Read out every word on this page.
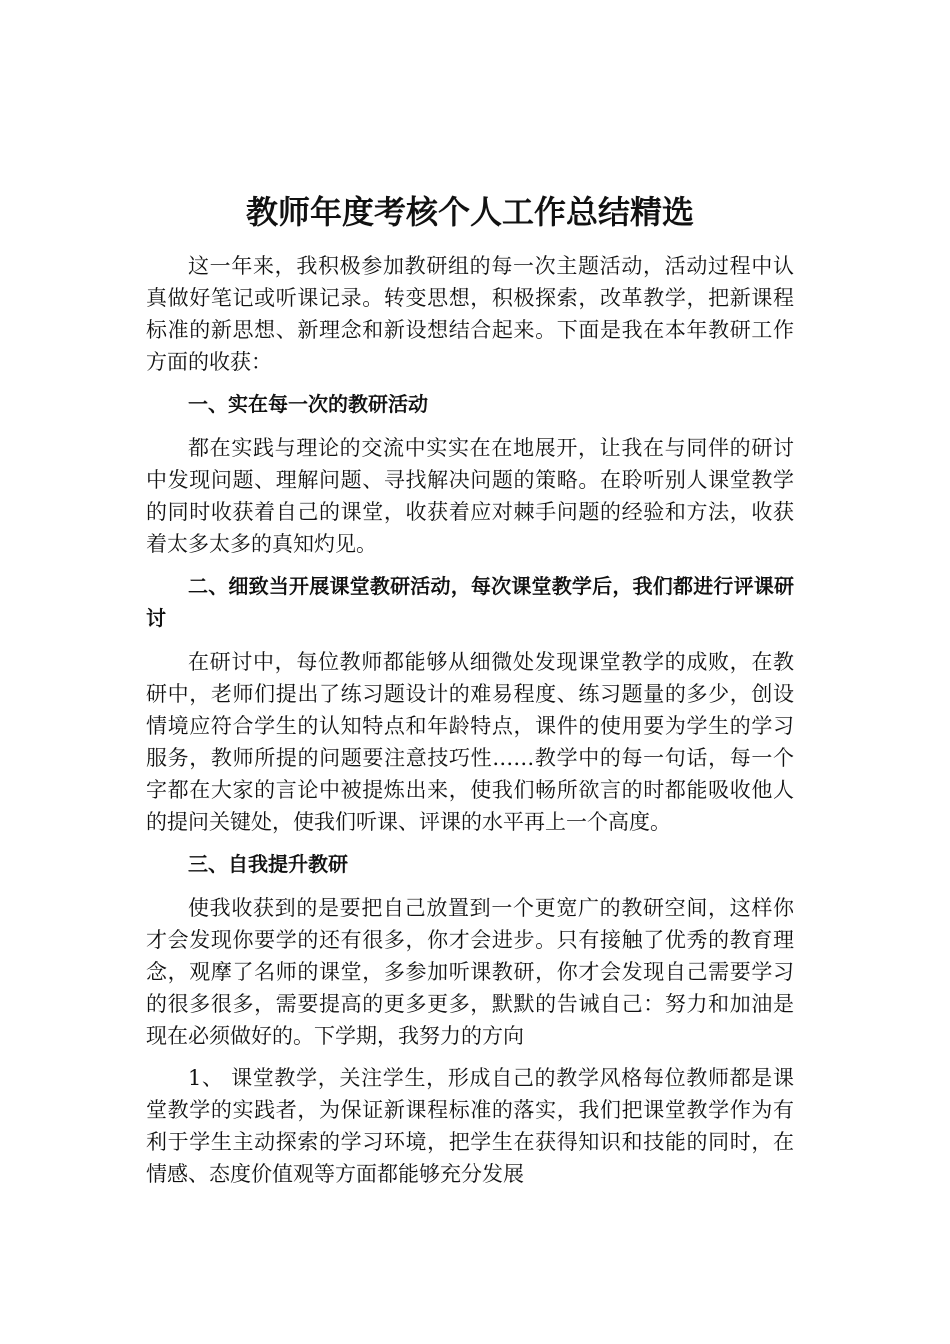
教师年度考核个人工作总结精选

这一年来，我积极参加教研组的每一次主题活动，活动过程中认真做好笔记或听课记录。转变思想，积极探索，改革教学，把新课程标准的新思想、新理念和新设想结合起来。下面是我在本年教研工作方面的收获：

一、实在每一次的教研活动

都在实践与理论的交流中实实在在地展开，让我在与同伴的研讨中发现问题、理解问题、寻找解决问题的策略。在聆听别人课堂教学的同时收获着自己的课堂，收获着应对棘手问题的经验和方法，收获着太多太多的真知灼见。

二、细致当开展课堂教研活动，每次课堂教学后，我们都进行评课研讨

在研讨中，每位教师都能够从细微处发现课堂教学的成败，在教研中，老师们提出了练习题设计的难易程度、练习题量的多少，创设情境应符合学生的认知特点和年龄特点，课件的使用要为学生的学习服务，教师所提的问题要注意技巧性……教学中的每一句话，每一个字都在大家的言论中被提炼出来，使我们畅所欲言的时都能吸收他人的提问关键处，使我们听课、评课的水平再上一个高度。

三、自我提升教研

使我收获到的是要把自己放置到一个更宽广的教研空间，这样你才会发现你要学的还有很多，你才会进步。只有接触了优秀的教育理念，观摩了名师的课堂，多参加听课教研，你才会发现自己需要学习的很多很多，需要提高的更多更多，默默的告诫自己：努力和加油是现在必须做好的。下学期，我努力的方向

1、 课堂教学，关注学生，形成自己的教学风格每位教师都是课堂教学的实践者，为保证新课程标准的落实，我们把课堂教学作为有利于学生主动探索的学习环境，把学生在获得知识和技能的同时，在情感、态度价值观等方面都能够充分发展
